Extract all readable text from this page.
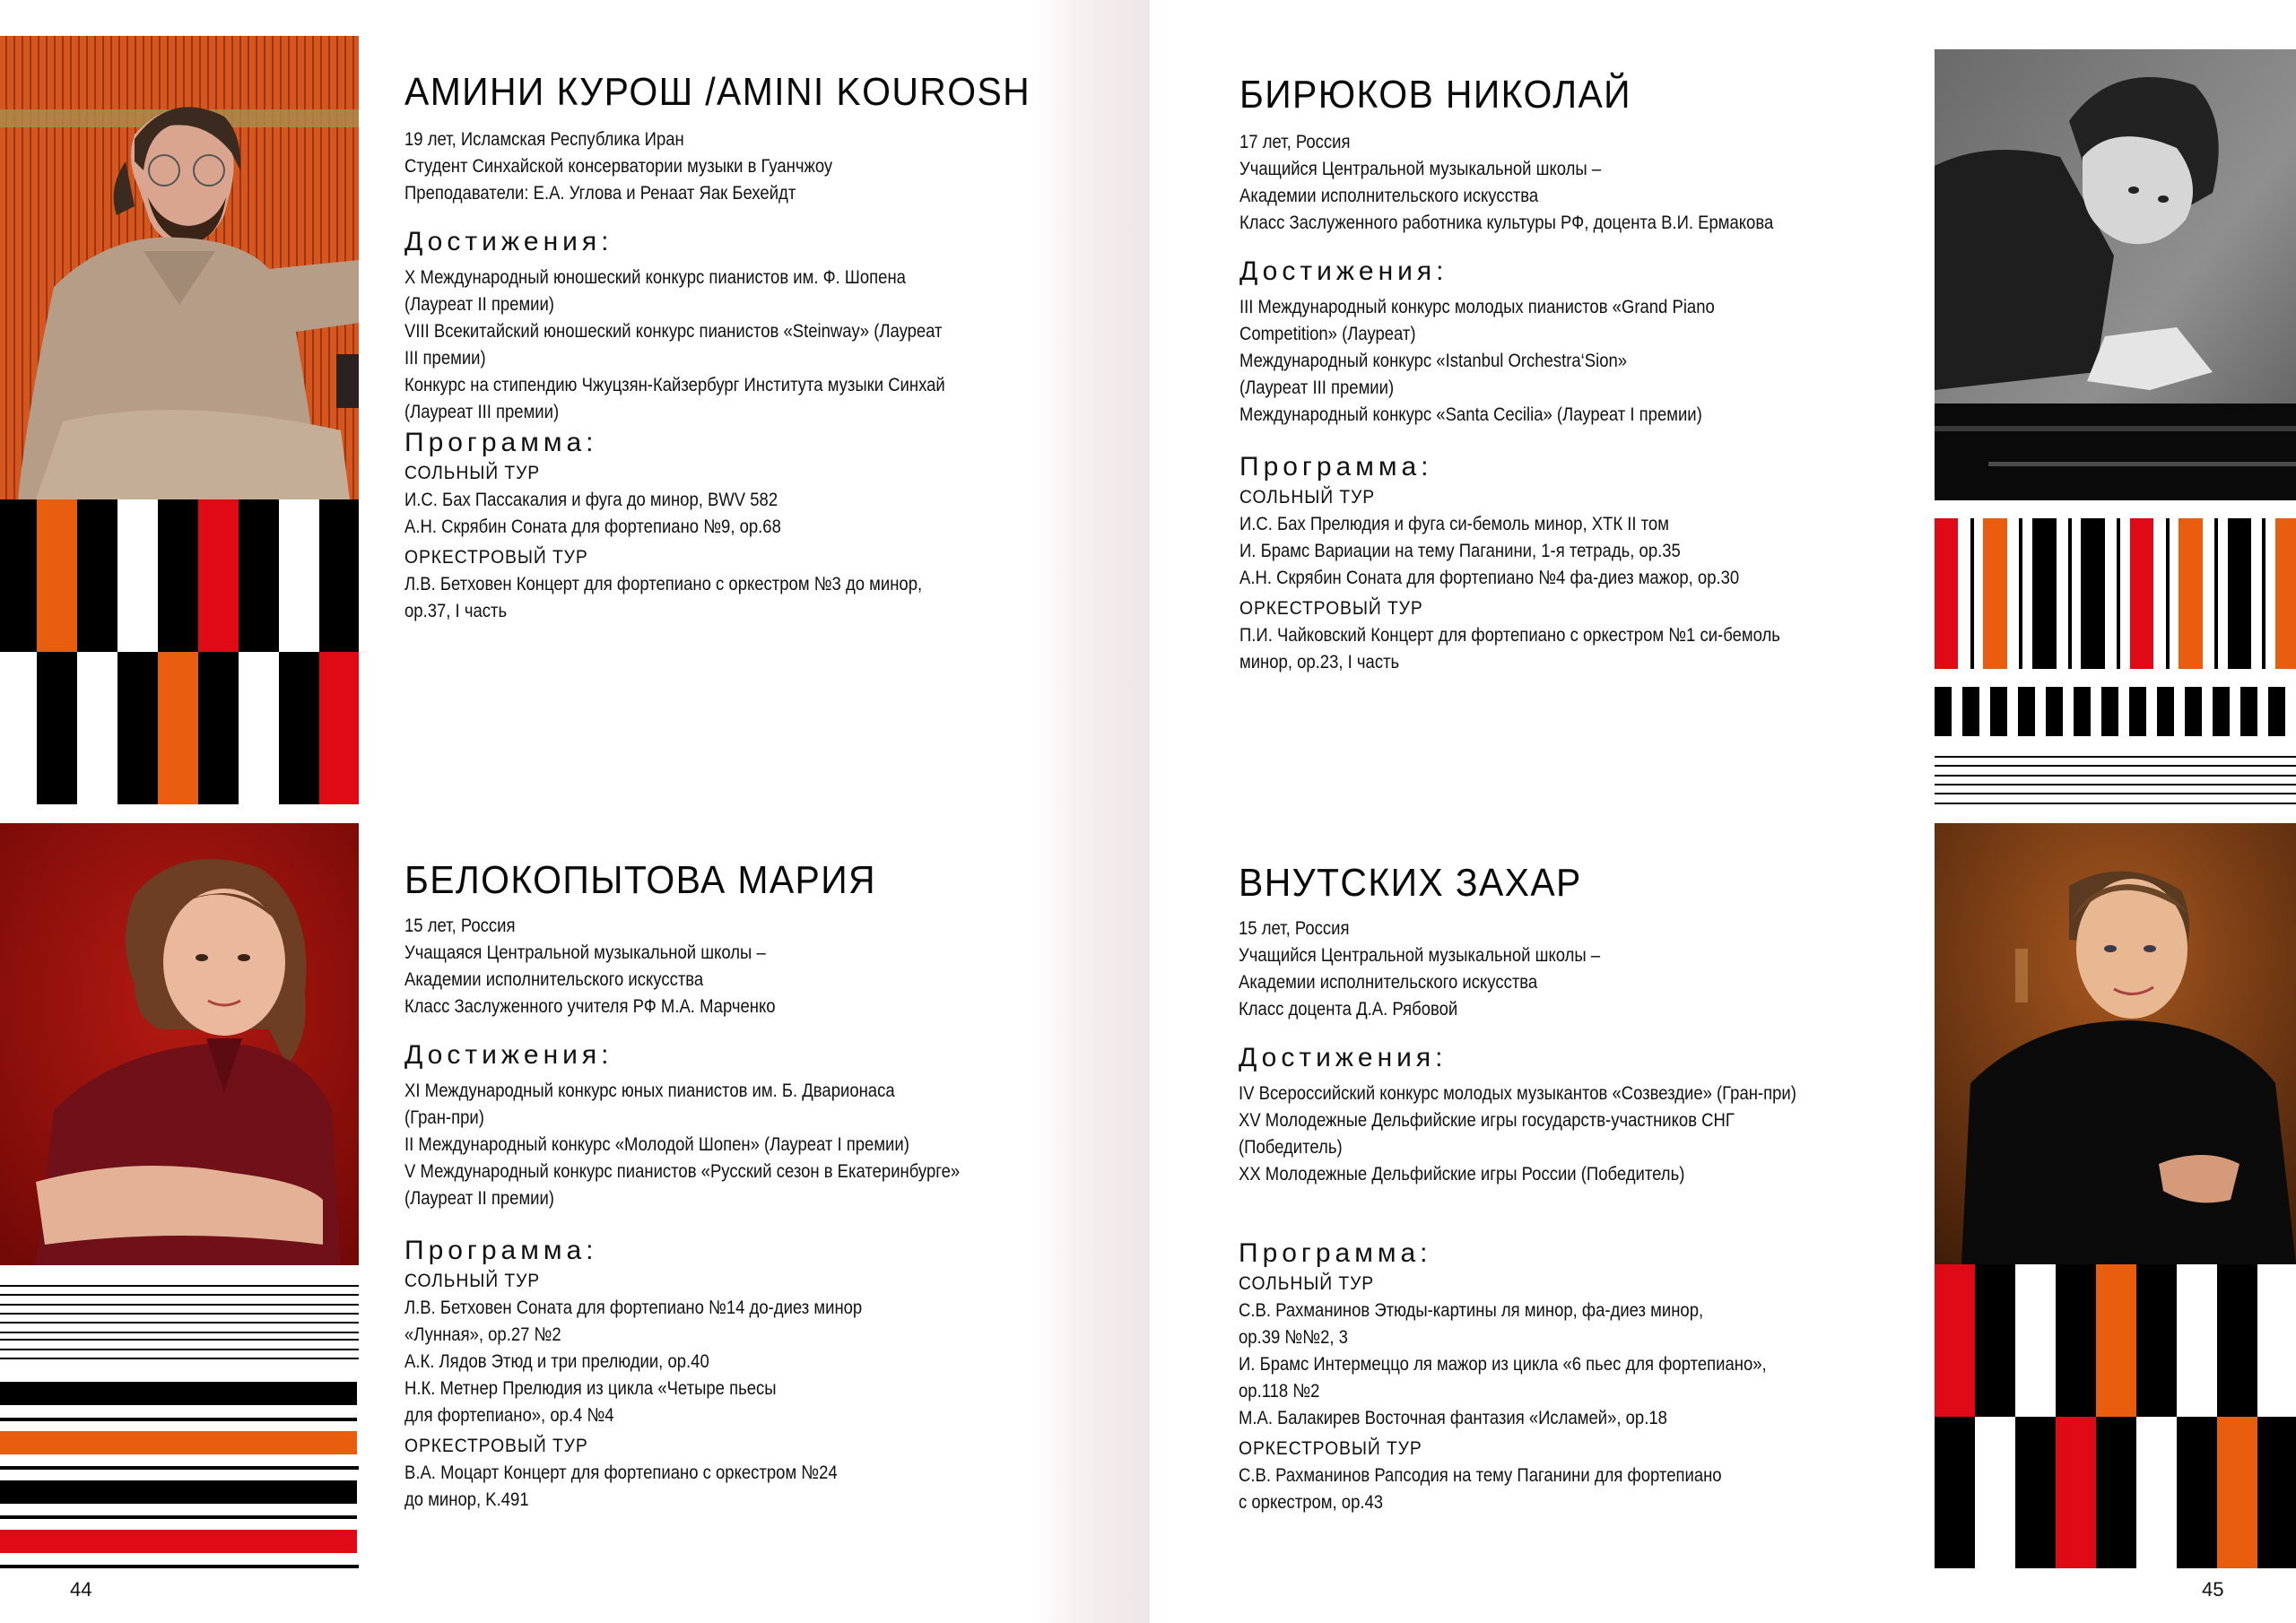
АМИНИ КУРОШ /AMINI KOUROSH
19 лет, Исламская Республика Иран
Студент Синхайской консерватории музыки в Гуанчжоу
Преподаватели: Е.А. Углова и Ренаат Яак Бехейдт
Достижения:
X Международный юношеский конкурс пианистов им. Ф. Шопена
(Лауреат II премии)
VIII Всекитайский юношеский конкурс пианистов «Steinway» (Лауреат
III премии)
Конкурс на стипендию Чжуцзян-Кайзербург Института музыки Синхай
(Лауреат III премии)
Программа:

СОЛЬНЫЙ ТУР

И.С. Бах Пассакалия и фуга до минор, BWV 582
А.Н. Скрябин Соната для фортепиано №9, ор.68

ОРКЕСТРОВЫЙ ТУР

Л.В. Бетховен Концерт для фортепиано с оркестром №3 до минор,
ор.37, I часть
БЕЛОКОПЫТОВА МАРИЯ
15 лет, Россия
Учащаяся Центральной музыкальной школы –
Академии исполнительского искусства
Класс Заслуженного учителя РФ М.А. Марченко
Достижения:
XI Международный конкурс юных пианистов им. Б. Дварионаса
(Гран-при)
II Международный конкурс «Молодой Шопен» (Лауреат I премии)
V Международный конкурс пианистов «Русский сезон в Екатеринбурге»
(Лауреат II премии)
Программа:

СОЛЬНЫЙ ТУР

Л.В. Бетховен Соната для фортепиано №14 до-диез минор
«Лунная», ор.27 №2
А.К. Лядов Этюд и три прелюдии, ор.40
Н.К. Метнер Прелюдия из цикла «Четыре пьесы
для фортепиано», ор.4 №4

ОРКЕСТРОВЫЙ ТУР

В.А. Моцарт Концерт для фортепиано с оркестром №24
до минор, K.491
44
БИРЮКОВ НИКОЛАЙ
17 лет, Россия
Учащийся Центральной музыкальной школы –
Академии исполнительского искусства
Класс Заслуженного работника культуры РФ, доцента В.И. Ермакова
Достижения:
III Международный конкурс молодых пианистов «Grand Piano
Competition» (Лауреат)
Международный конкурс «Istanbul Orchestra‘Sion»
(Лауреат III премии)
Международный конкурс «Santa Cecilia» (Лауреат I премии)
Программа:

СОЛЬНЫЙ ТУР

И.С. Бах Прелюдия и фуга си-бемоль минор, ХТК II том
И. Брамс Вариации на тему Паганини, 1-я тетрадь, ор.35
А.Н. Скрябин Соната для фортепиано №4 фа-диез мажор, ор.30

ОРКЕСТРОВЫЙ ТУР

П.И. Чайковский Концерт для фортепиано с оркестром №1 си-бемоль
минор, ор.23, I часть
ВНУТСКИХ ЗАХАР
15 лет, Россия
Учащийся Центральной музыкальной школы –
Академии исполнительского искусства
Класс доцента Д.А. Рябовой
Достижения:
IV Всероссийский конкурс молодых музыкантов «Созвездие» (Гран-при)
XV Молодежные Дельфийские игры государств-участников СНГ
(Победитель)
XX Молодежные Дельфийские игры России (Победитель)
Программа:

СОЛЬНЫЙ ТУР

С.В. Рахманинов Этюды-картины ля минор, фа-диез минор,
ор.39 №№2, 3
И. Брамс Интермеццо ля мажор из цикла «6 пьес для фортепиано»,
ор.118 №2
М.А. Балакирев Восточная фантазия «Исламей», ор.18

ОРКЕСТРОВЫЙ ТУР

С.В. Рахманинов Рапсодия на тему Паганини для фортепиано
с оркестром, ор.43
45
